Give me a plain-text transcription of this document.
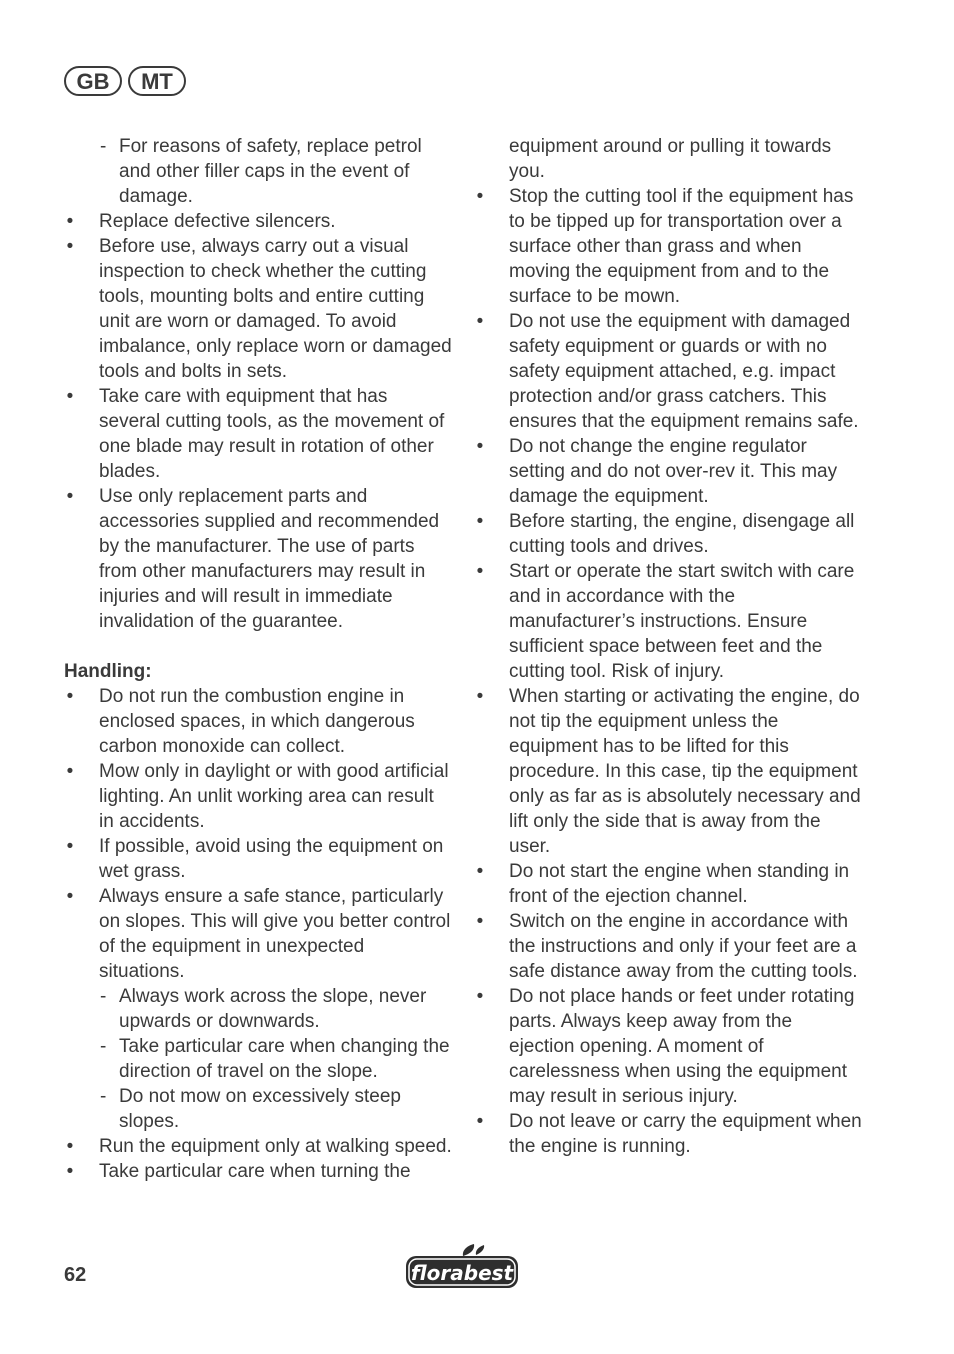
GB	MT
- For reasons of safety, replace petrol and other filler caps in the event of damage.
• Replace defective silencers.
• Before use, always carry out a visual inspection to check whether the cutting tools, mounting bolts and entire cutting unit are worn or damaged. To avoid imbalance, only replace worn or damaged tools and bolts in sets.
• Take care with equipment that has several cutting tools, as the movement of one blade may result in rotation of other blades.
• Use only replacement parts and accessories supplied and recommended by the manufacturer. The use of parts from other manufacturers may result in injuries and will result in immediate invalidation of the guarantee.
Handling:
• Do not run the combustion engine in enclosed spaces, in which dangerous carbon monoxide can collect.
• Mow only in daylight or with good artificial lighting. An unlit working area can result in accidents.
• If possible, avoid using the equipment on wet grass.
• Always ensure a safe stance, particularly on slopes. This will give you better control of the equipment in unexpected situations.
- Always work across the slope, never upwards or downwards.
- Take particular care when changing the direction of travel on the slope.
- Do not mow on excessively steep slopes.
• Run the equipment only at walking speed.
• Take particular care when turning the
equipment around or pulling it towards you.
• Stop the cutting tool if the equipment has to be tipped up for transportation over a surface other than grass and when moving the equipment from and to the surface to be mown.
• Do not use the equipment with damaged safety equipment or guards or with no safety equipment attached, e.g. impact protection and/or grass catchers. This ensures that the equipment remains safe.
• Do not change the engine regulator setting and do not over-rev it. This may damage the equipment.
• Before starting, the engine, disengage all cutting tools and drives.
• Start or operate the start switch with care and in accordance with the manufacturer’s instructions. Ensure sufficient space between feet and the cutting tool. Risk of injury.
• When starting or activating the engine, do not tip the equipment unless the equipment has to be lifted for this procedure. In this case, tip the equipment only as far as is absolutely necessary and lift only the side that is away from the user.
• Do not start the engine when standing in front of the ejection channel.
• Switch on the engine in accordance with the instructions and only if your feet are a safe distance away from the cutting tools.
• Do not place hands or feet under rotating parts. Always keep away from the ejection opening. A moment of carelessness when using the equipment may result in serious injury.
• Do not leave or carry the equipment when the engine is running.
62	florabest
